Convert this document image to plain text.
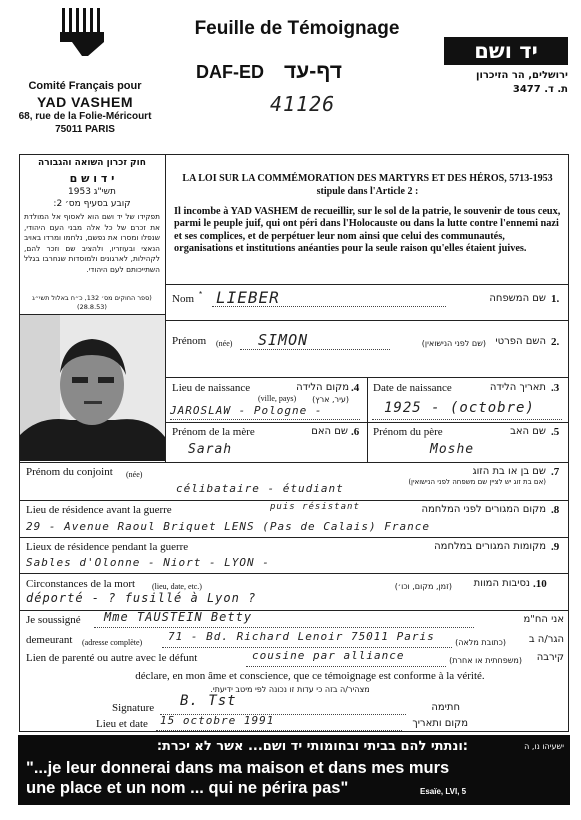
Comité Français pour
YAD VASHEM
68, rue de la Folie-Méricourt
75011 PARIS
Feuille de Témoignage
DAF-ED דף-עד
41126
יד ושם
ירושלים, הר הזיכרון
ת. ד. 3477
חוק זכרון השואה והגבורה
י ד ו ש ם
תשי"ג 1953
קובע בסעיף מס׳ 2:
תפקידו של יד ושם הוא לאסוף אל המולדת את זכרם של כל אלה מבני העם היהודי, שנפלו ומסרו את נפשם, נלחמו ומרדו באויב הנאצי ובעוזריו, ולהציב שם וזכר להם, לקהילות, לארגונים ולמוסדות שנחרבו בגלל השתייכותם לעם היהודי.
(ספר החוקים מס׳ 132, כ״ח באלול תשי״ג (28.8.53)
LA LOI SUR LA COMMÉMORATION DES MARTYRS ET DES HÉROS, 5713-1953
stipule dans l'Article 2 :
Il incombe à YAD VASHEM de recueillir, sur le sol de la patrie, le souvenir de tous ceux, parmi le peuple juif, qui ont péri dans l'Holocauste ou dans la lutte contre l'ennemi nazi et ses complices, et de perpétuer leur nom ainsi que celui des communautés, organisations et institutions anéanties pour la seule raison qu'elles étaient juives.
Nom * LIEBER	שם המשפחה 1.
Prénom (née) SIMON	(שם לפני הנישואין) השם הפרטי 2.
Lieu de naissance
(ville, pays)
מקום הלידה
(עיר, ארץ)
.4
JAROSLAW - Pologne -
Date de naissance	תאריך הלידה .3
1925 - (octobre)
Prénom de la mère	שם האם .6
Sarah
Prénom du père	שם האב .5
Moshe
Prénom du conjoint (née)	שם בן או בת הזוג
(אם בת זוג יש לציין שם משפחה לפני הנישואין)
.7
célibataire - étudiant
Lieu de résidence avant la guerre	puis résistant	מקום המגורים לפני המלחמה .8
29 - Avenue Raoul Briquet LENS (Pas de Calais) France
Lieux de résidence pendant la guerre	מקומות המגורים במלחמה .9
Sables d'Olonne - Niort - LYON -
Circonstances de la mort (lieu, date, etc.)	(זמן, מקום, וכו׳)	נסיבות המוות .10
déporté - ? fusillé à Lyon ?
Je soussigné Mme TAUSTEIN Betty	אני הח"מ
demeurant (adresse complète) 71 - Bd. Richard Lenoir 75011 Paris	(כתובת מלאה)	הגר/ה ב
Lien de parenté ou autre avec le défunt	cousine par alliance	(משפחתית או אחרת)	קירבה
déclare, en mon âme et conscience, que ce témoignage est conforme à la vérité.
מצהיר/ה בזה כי עדות זו נכונה לפי מיטב ידיעתי.
Signature B. Tst	חתימה
Lieu et date 15 octobre 1991	מקום ותאריך
ישעיהו נו, ה
:ונתתי להם בביתי ובחומותי יד ושם... אשר לא יכרת:
"...je leur donnerai dans ma maison et dans mes murs
une place et un nom ... qui ne périra pas"	Esaïe, LVI, 5
